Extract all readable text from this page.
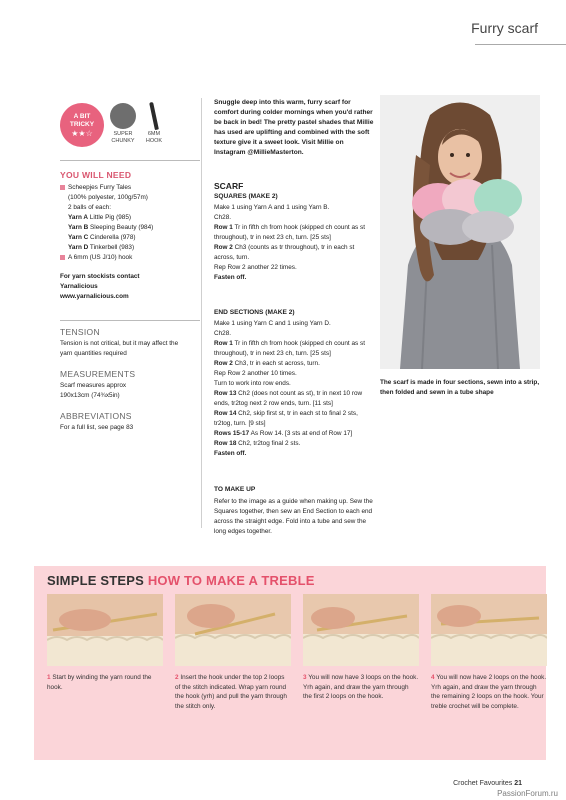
Furry scarf
A BIT
TRICKY
★★☆	SUPER
CHUNKY
6MM
HOOK
YOU WILL NEED
Scheepjes Furry Tales
(100% polyester, 100g/57m)
2 balls of each:
Yarn A Little Pig (985)
Yarn B Sleeping Beauty (984)
Yarn C Cinderella (978)
Yarn D Tinkerbell (983)
A 6mm (US J/10) hook
For yarn stockists contact
Yarnalicious
www.yarnalicious.com
TENSION
Tension is not critical, but it may affect the yarn quantities required
MEASUREMENTS
Scarf measures approx 190x13cm (74¾x5in)
ABBREVIATIONS
For a full list, see page 83
Snuggle deep into this warm, furry scarf for comfort during colder mornings when you'd rather be back in bed! The pretty pastel shades that Millie has used are uplifting and combined with the soft texture give it a sweet look. Visit Millie on Instagram @MillieMasterton.
SCARF
SQUARES (MAKE 2)
Make 1 using Yarn A and 1 using Yarn B.
Ch28.
Row 1 Tr in fifth ch from hook (skipped ch count as st throughout), tr in next 23 ch, turn. [25 sts]
Row 2 Ch3 (counts as tr throughout), tr in each st across, turn.
Rep Row 2 another 22 times.
Fasten off.
END SECTIONS (MAKE 2)
Make 1 using Yarn C and 1 using Yarn D.
Ch28.
Row 1 Tr in fifth ch from hook (skipped ch count as st throughout), tr in next 23 ch, turn. [25 sts]
Row 2 Ch3, tr in each st across, turn.
Rep Row 2 another 10 times.
Turn to work into row ends.
Row 13 Ch2 (does not count as st), tr in next 10 row ends, tr2tog next 2 row ends, turn. [11 sts]
Row 14 Ch2, skip first st, tr in each st to final 2 sts, tr2tog, turn. [9 sts]
Rows 15-17 As Row 14. [3 sts at end of Row 17]
Row 18 Ch2, tr2tog final 2 sts.
Fasten off.
TO MAKE UP
Refer to the image as a guide when making up. Sew the Squares together, then sew an End Section to each end across the straight edge. Fold into a tube and sew the long edges together.
The scarf is made in four sections, sewn into a strip, then folded and sewn in a tube shape
SIMPLE STEPS HOW TO MAKE A TREBLE
1 Start by winding the yarn round the hook.
2 Insert the hook under the top 2 loops of the stitch indicated. Wrap yarn round the hook (yrh) and pull the yarn through the stitch only.
3 You will now have 3 loops on the hook. Yrh again, and draw the yarn through the first 2 loops on the hook.
4 You will now have 2 loops on the hook. Yrh again, and draw the yarn through the remaining 2 loops on the hook. Your treble crochet will be complete.
Crochet Favourites 21
PassionForum.ru
